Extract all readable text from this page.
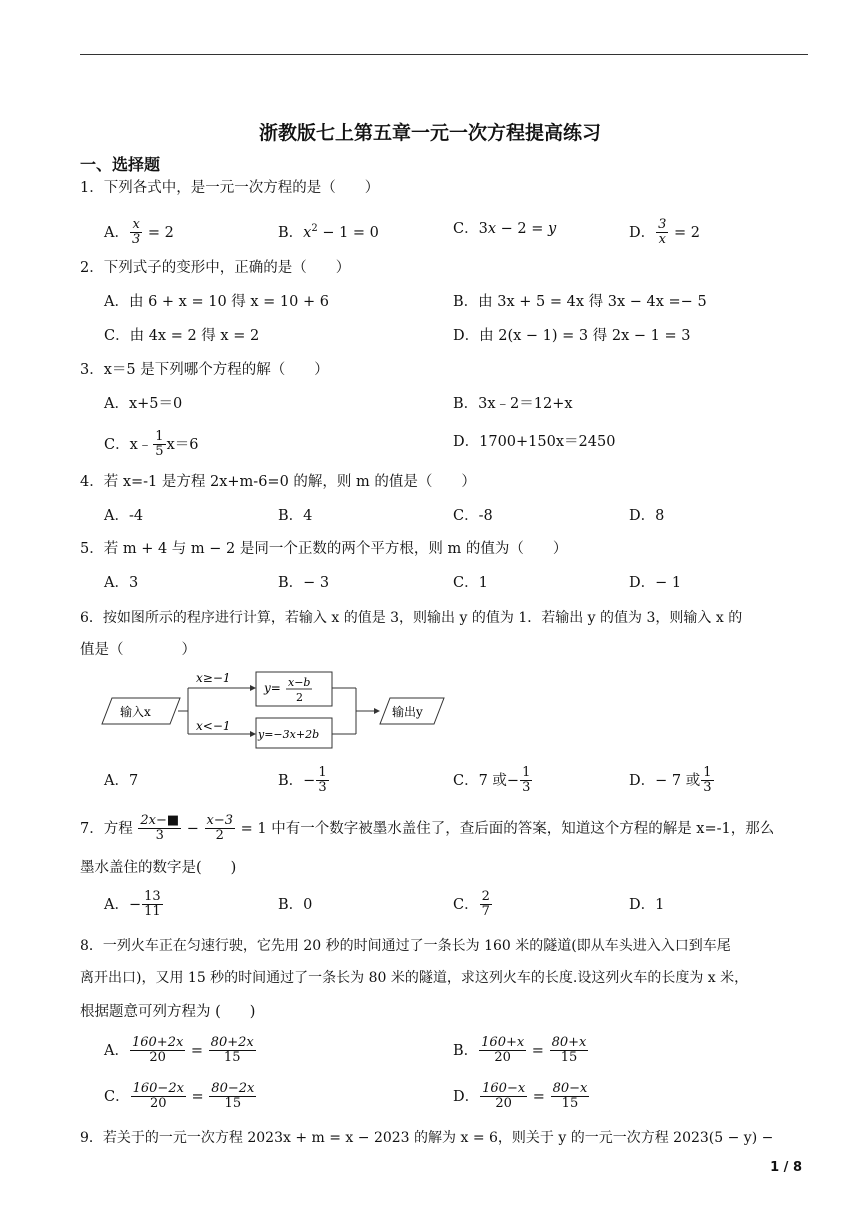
浙教版七上第五章一元一次方程提高练习
一、选择题
1．下列各式中，是一元一次方程的是（　　）
A． $\frac{x}{3} = 2$	B．$x^2 - 1 = 0$	C．3x − 2 = y	D． $\frac{3}{x} = 2$
2．下列式子的变形中，正确的是（　　）
A．由 6 + x = 10 得 x = 10 + 6	B．由 3x + 5 = 4x 得 3x − 4x =− 5
C．由 4x = 2 得 x = 2	D．由 2(x − 1) = 3 得 2x − 1 = 3
3．x＝5 是下列哪个方程的解（　　）
A．x+5＝0	B．3x﹣2＝12+x
C．x﹣ $\frac{1}{5} x=6$	D．1700+150x＝2450
4．若 x=-1 是方程 2x+m-6=0 的解，则 m 的值是（　　）
A．-4	B．4	C．-8	D．8
5．若 m + 4 与 m − 2 是同一个正数的两个平方根，则 m 的值为（　　）
A．3	B．− 3	C．1	D．− 1
6．按如图所示的程序进行计算，若输入 x 的值是 3，则输出 y 的值为 1．若输出 y 的值为 3，则输入 x 的
值是（　　　　）
输入x
x≥−1
x<−1
y= x−b
2
y=−3x+2b
输出y
A．7	B．− $\frac{1}{3}$	C．7 或− $\frac{1}{3}$	D．− 7 或 $\frac{1}{3}$
7．方程 $\frac{2x-■}{3} - \frac{x-3}{2} = 1$ 中有一个数字被墨水盖住了，查后面的答案，知道这个方程的解是 x=-1，那么
墨水盖住的数字是(　　)
A．− $\frac{13}{11}$	B．0	C． $\frac{2}{7}$	D．1
8．一列火车正在匀速行驶，它先用 20 秒的时间通过了一条长为 160 米的隧道(即从车头进入入口到车尾
离开出口)，又用 15 秒的时间通过了一条长为 80 米的隧道，求这列火车的长度.设这列火车的长度为 x 米，
根据题意可列方程为 (　　)
A． $\frac{160+2x}{20} = \frac{80+2x}{15}$	B． $\frac{160+x}{20} = \frac{80+x}{15}$
C． $\frac{160-2x}{20} = \frac{80-2x}{15}$	D． $\frac{160-x}{20} = \frac{80-x}{15}$
9．若关于的一元一次方程 2023x + m = x − 2023 的解为 x = 6，则关于 y 的一元一次方程 2023(5 − y) −
1 / 8
